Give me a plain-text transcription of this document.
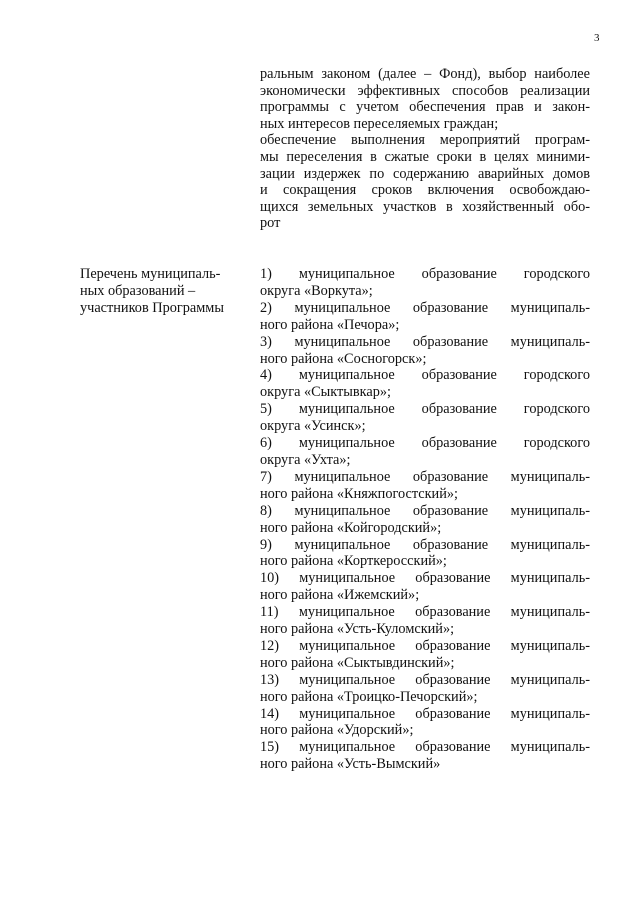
3
ральным законом (далее – Фонд), выбор наиболее
экономически эффективных способов реализации
программы с учетом обеспечения прав и закон-
ных интересов переселяемых граждан;
обеспечение выполнения мероприятий програм-
мы переселения в сжатые сроки в целях миними-
зации издержек по содержанию аварийных домов
и сокращения сроков включения освобождаю-
щихся земельных участков в хозяйственный обо-
рот
Перечень муниципаль-
ных образований –
участников Программы
1) муниципальное образование городского
округа «Воркута»;
2) муниципальное образование муниципаль-
ного района «Печора»;
3) муниципальное образование муниципаль-
ного района «Сосногорск»;
4) муниципальное образование городского
округа «Сыктывкар»;
5) муниципальное образование городского
округа «Усинск»;
6) муниципальное образование городского
округа «Ухта»;
7) муниципальное образование муниципаль-
ного района «Княжпогостский»;
8) муниципальное образование муниципаль-
ного района «Койгородский»;
9) муниципальное образование муниципаль-
ного района «Корткеросский»;
10) муниципальное образование муниципаль-
ного района «Ижемский»;
11) муниципальное образование муниципаль-
ного района «Усть-Куломский»;
12) муниципальное образование муниципаль-
ного района «Сыктывдинский»;
13) муниципальное образование муниципаль-
ного района «Троицко-Печорский»;
14) муниципальное образование муниципаль-
ного района «Удорский»;
15) муниципальное образование муниципаль-
ного района «Усть-Вымский»
